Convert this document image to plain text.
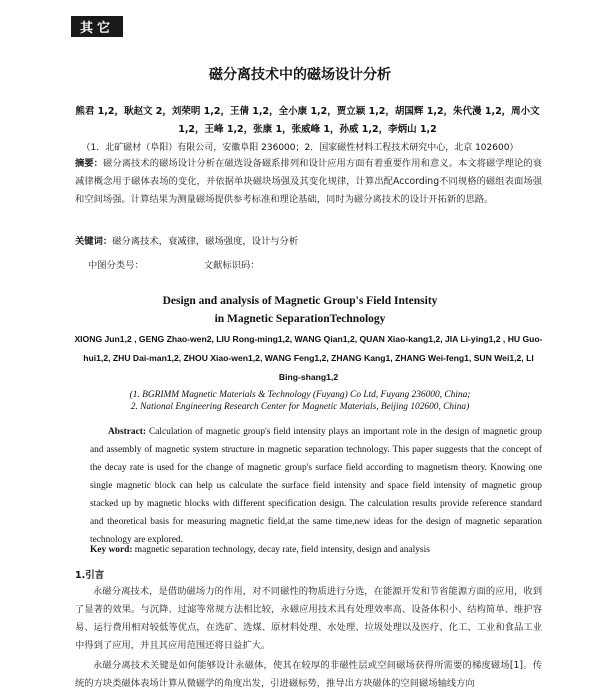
其它
磁分离技术中的磁场设计分析
熊君 1,2，耿赵文 2，刘荣明 1,2，王倩 1,2，全小康 1,2，贾立颖 1,2，胡国辉 1,2，朱代漫 1,2，周小文 1,2，王峰 1,2，张康 1，张威峰 1，孙威 1,2，李炳山 1,2
（1．北矿磁材（阜阳）有限公司，安徽阜阳 236000；2．国家磁性材料工程技术研究中心，北京 102600）
摘要：磁分离技术的磁场设计分析在磁选设备磁系排列和设计应用方面有着重要作用和意义。本文将磁学理论的衰减律概念用于磁体表场的变化，并依据单块磁块场强及其变化规律，计算出配According不同规格的磁组表面场强和空间场强。计算结果为测量磁场提供参考标准和理论基础，同时为磁分离技术的设计开拓新的思路。
关键词：磁分离技术，衰减律，磁场强度，设计与分析
中图分类号：	文献标识码：
Design and analysis of Magnetic Group's Field Intensity
in Magnetic SeparationTechnology
XIONG Jun1,2 , GENG Zhao-wen2, LIU Rong-ming1,2, WANG Qian1,2, QUAN Xiao-kang1,2, JIA Li-ying1,2 , HU Guo-hui1,2, ZHU Dai-man1,2, ZHOU Xiao-wen1,2, WANG Feng1,2, ZHANG Kang1, ZHANG Wei-feng1, SUN Wei1,2, LI Bing-shang1,2
(1. BGRIMM Magnetic Materials & Technology (Fuyang) Co Ltd, Fuyang 236000, China;
2. National Engineering Research Center for Magnetic Materials, Beijing 102600, China)
Abstract: Calculation of magnetic group's field intensity plays an important role in the design of magnetic group and assembly of magnetic system structure in magnetic separation technology. This paper suggests that the concept of the decay rate is used for the change of magnetic group's surface field according to magnetism theory. Knowing one single magnetic block can help us calculate the surface field intensity and space field intensity of magnetic group stacked up by magnetic blocks with different specification design. The calculation results provide reference standard and theoretical basis for measuring magnetic field,at the same time,new ideas for the design of magnetic separation technology are explored.
Key word: magnetic separation technology, decay rate, field intensity, design and analysis
1.引言
永磁分离技术，是借助磁场力的作用，对不同磁性的物质进行分选，在能源开发和节省能源方面的应用，收到了显著的效果。与沉降、过滤等常规方法相比较，永磁应用技术具有处理效率高、设备体积小、结构简单、维护容易、运行费用相对较低等优点，在选矿、选煤、原材料处理、水处理、垃圾处理以及医疗、化工、工业和食品工业中得到了应用，并且其应用范围还将日益扩大。
永磁分离技术关键是如何能够设计永磁体，使其在较厚的非磁性层或空间磁场获得所需要的梯度磁场[1]。传统的方块类磁体表场计算从微磁学的角度出发，引进磁标势，推导出方块磁体的空间磁场轴线方向
